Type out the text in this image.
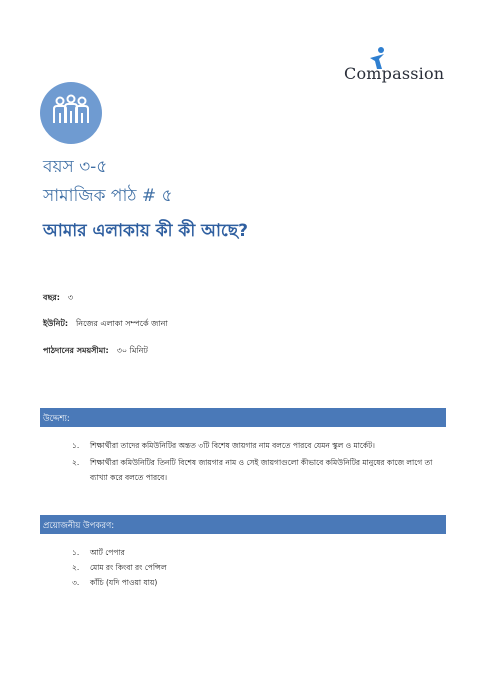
Compassion
বয়স ৩-৫
সামাজিক পাঠ # ৫
আমার এলাকায় কী কী আছে?
বছর: ৩
ইউনিট: নিজের এলাকা সম্পর্কে জানা
পাঠদানের সময়সীমা: ৩০ মিনিট
উদ্দেশ্য:
১. শিক্ষার্থীরা তাদের কমিউনিটির অন্তত ৩টি বিশেষ জায়গার নাম বলতে পারবে যেমন স্কুল ও মার্কেট।
২. শিক্ষার্থীরা কমিউনিটির তিনটি বিশেষ জায়গার নাম ও সেই জায়গাগুলো কীভাবে কমিউনিটির মানুষের কাজে লাগে তা ব্যাখ্যা করে বলতে পারবে।
প্রয়োজনীয় উপকরণ:
১. আর্ট পেপার
২. মোম রং কিংবা রং পেন্সিল
৩. কাঁচি (যদি পাওয়া যায়)
